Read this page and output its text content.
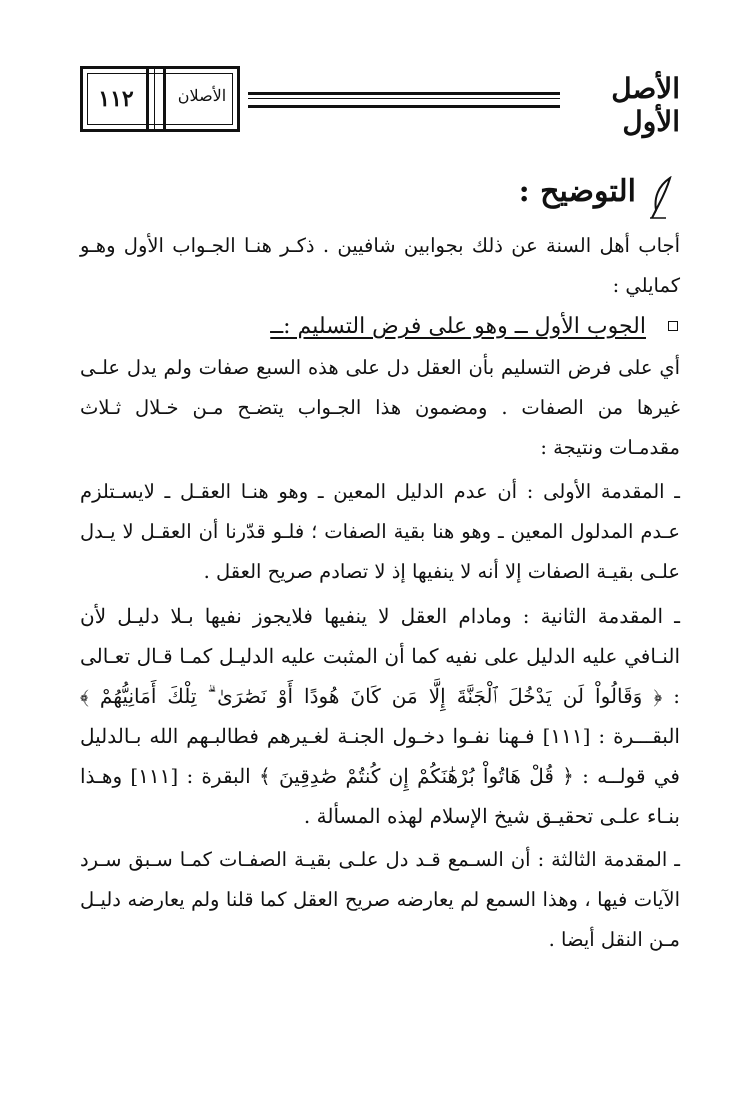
١١٢	الأصلان	الأصل الأول
التوضيح :

أجاب أهل السنة عن ذلك بجوابين شافيين . ذكـر هنـا الجـواب الأول وهـو كمايلي :

الجوب الأول ــ وهو على فرض التسليم :ــ

أي على فرض التسليم بأن العقل دل على هذه السبع صفات ولم يدل علـى غيرها من الصفات . ومضمون هذا الجـواب يتضـح مـن خـلال ثـلاث مقدمـات ونتيجة :

ـ المقدمة الأولى : أن عدم الدليل المعين ـ وهو هنـا العقـل ـ لايسـتلزم عـدم المدلول المعين ـ وهو هنا بقية الصفات ؛ فلـو قدّرنا أن العقـل لا يـدل علـى بقيـة الصفات إلا أنه لا ينفيها إذ لا تصادم صريح العقل .

ـ المقدمة الثانية : ومادام العقل لا ينفيها فلايجوز نفيها بـلا دليـل لأن النـافي عليه الدليل على نفيه كما أن المثبت عليه الدليـل كمـا قـال تعـالى : ﴿ وَقَالُواْ لَن يَدْخُلَ ٱلْجَنَّةَ إِلَّا مَن كَانَ هُودًا أَوْ نَصَٰرَىٰ ۗ تِلْكَ أَمَانِيُّهُمْ ﴾ البقـــرة : [١١١] فـهنا نفـوا دخـول الجنـة لغـيرهم فطالبـهم الله بـالدليل في قولــه : ﴿ قُلْ هَاتُواْ بُرْهَٰنَكُمْ إِن كُنتُمْ صَٰدِقِينَ ﴾ البقرة : [١١١] وهـذا بنـاء علـى تحقيـق شيخ الإسلام لهذه المسألة .

ـ المقدمة الثالثة : أن السـمع قـد دل علـى بقيـة الصفـات كمـا سـبق سـرد الآيات فيها ، وهذا السمع لم يعارضه صريح العقل كما قلنا ولم يعارضه دليـل مـن النقل أيضا .
